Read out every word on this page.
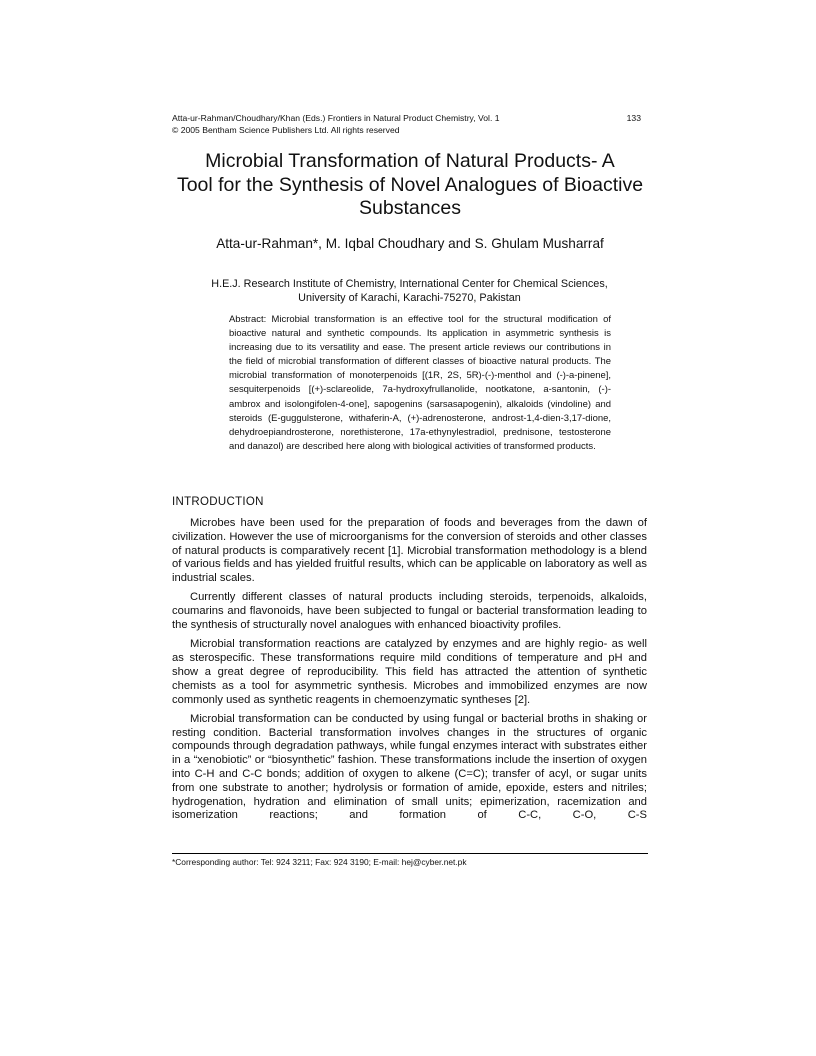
Atta-ur-Rahman/Choudhary/Khan (Eds.) Frontiers in Natural Product Chemistry, Vol. 1	133
© 2005 Bentham Science Publishers Ltd. All rights reserved
Microbial Transformation of Natural Products- A
Tool for the Synthesis of Novel Analogues of Bioactive
Substances
Atta-ur-Rahman*, M. Iqbal Choudhary and S. Ghulam Musharraf
H.E.J. Research Institute of Chemistry, International Center for Chemical Sciences,
University of Karachi, Karachi-75270, Pakistan
Abstract: Microbial transformation is an effective tool for the structural modification of bioactive natural and synthetic compounds. Its application in asymmetric synthesis is increasing due to its versatility and ease. The present article reviews our contributions in the field of microbial transformation of different classes of bioactive natural products. The microbial transformation of monoterpenoids [(1R, 2S, 5R)-(-)-menthol and (-)-a-pinene], sesquiterpenoids [(+)-sclareolide, 7a-hydroxyfrullanolide, nootkatone, a-santonin, (-)-ambrox and isolongifolen-4-one], sapogenins (sarsasapogenin), alkaloids (vindoline) and steroids (E-guggulsterone, withaferin-A, (+)-adrenosterone, androst-1,4-dien-3,17-dione, dehydroepiandrosterone, norethisterone, 17a-ethynylestradiol, prednisone, testosterone and danazol) are described here along with biological activities of transformed products.
INTRODUCTION

Microbes have been used for the preparation of foods and beverages from the dawn of civilization. However the use of microorganisms for the conversion of steroids and other classes of natural products is comparatively recent [1]. Microbial transformation methodology is a blend of various fields and has yielded fruitful results, which can be applicable on laboratory as well as industrial scales.

Currently different classes of natural products including steroids, terpenoids, alkaloids, coumarins and flavonoids, have been subjected to fungal or bacterial transformation leading to the synthesis of structurally novel analogues with enhanced bioactivity profiles.

Microbial transformation reactions are catalyzed by enzymes and are highly regio- as well as sterospecific. These transformations require mild conditions of temperature and pH and show a great degree of reproducibility. This field has attracted the attention of synthetic chemists as a tool for asymmetric synthesis. Microbes and immobilized enzymes are now commonly used as synthetic reagents in chemoenzymatic syntheses [2].

Microbial transformation can be conducted by using fungal or bacterial broths in shaking or resting condition. Bacterial transformation involves changes in the structures of organic compounds through degradation pathways, while fungal enzymes interact with substrates either in a “xenobiotic” or “biosynthetic” fashion. These transformations include the insertion of oxygen into C-H and C-C bonds; addition of oxygen to alkene (C=C); transfer of acyl, or sugar units from one substrate to another; hydrolysis or formation of amide, epoxide, esters and nitriles; hydrogenation, hydration and elimination of small units; epimerization, racemization and isomerization reactions; and formation of C-C, C-O, C-S

*Corresponding author: Tel: 924 3211; Fax: 924 3190; E-mail: hej@cyber.net.pk
